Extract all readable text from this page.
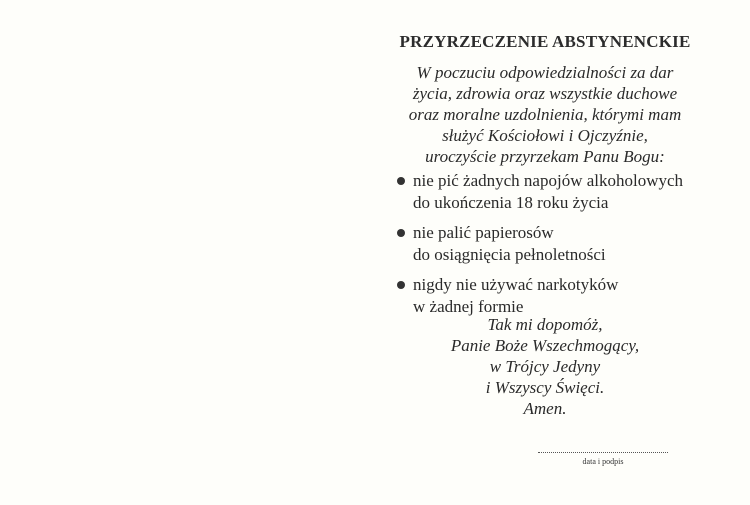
PRZYRZECZENIE ABSTYNENCKIE
W poczuciu odpowiedzialności za dar
życia, zdrowia oraz wszystkie duchowe
oraz moralne uzdolnienia, którymi mam
służyć Kościołowi i Ojczyźnie,
uroczyście przyrzekam Panu Bogu:
nie pić żadnych napojów alkoholowych
do ukończenia 18 roku życia
nie palić papierosów
do osiągnięcia pełnoletności
nigdy nie używać narkotyków
w żadnej formie
Tak mi dopomóż,
Panie Boże Wszechmogący,
w Trójcy Jedyny
i Wszyscy Święci.
Amen.
data i podpis
